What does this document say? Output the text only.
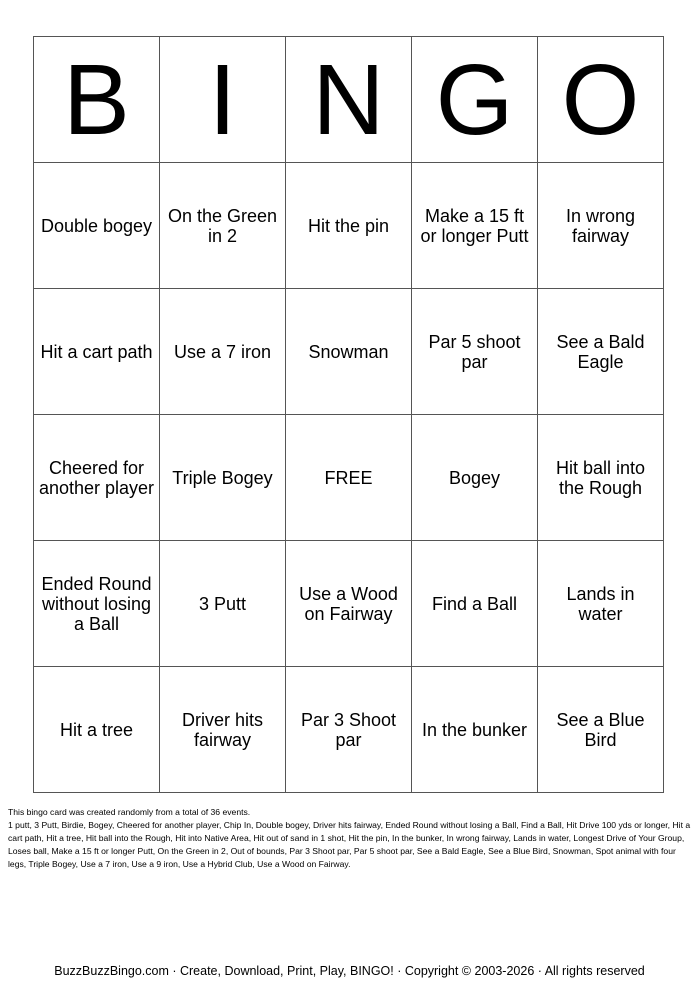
B	I	N	G	O
Double bogey	On the Green in 2	Hit the pin	Make a 15 ft or longer Putt	In wrong fairway
Hit a cart path	Use a 7 iron	Snowman	Par 5 shoot par	See a Bald Eagle
Cheered for another player	Triple Bogey	FREE	Bogey	Hit ball into the Rough
Ended Round without losing a Ball	3 Putt	Use a Wood on Fairway	Find a Ball	Lands in water
Hit a tree	Driver hits fairway	Par 3 Shoot par	In the bunker	See a Blue Bird

This bingo card was created randomly from a total of 36 events.

1 putt, 3 Putt, Birdie, Bogey, Cheered for another player, Chip In, Double bogey, Driver hits fairway, Ended Round without losing a Ball, Find a Ball, Hit Drive 100 yds or longer, Hit a cart path, Hit a tree, Hit ball into the Rough, Hit into Native Area, Hit out of sand in 1 shot, Hit the pin, In the bunker, In wrong fairway, Lands in water, Longest Drive of Your Group, Loses ball, Make a 15 ft or longer Putt, On the Green in 2, Out of bounds, Par 3 Shoot par, Par 5 shoot par, See a Bald Eagle, See a Blue Bird, Snowman, Spot animal with four legs, Triple Bogey, Use a 7 iron, Use a 9 iron, Use a Hybrid Club, Use a Wood on Fairway.

BuzzBuzzBingo.com · Create, Download, Print, Play, BINGO! · Copyright © 2003-2026 · All rights reserved
